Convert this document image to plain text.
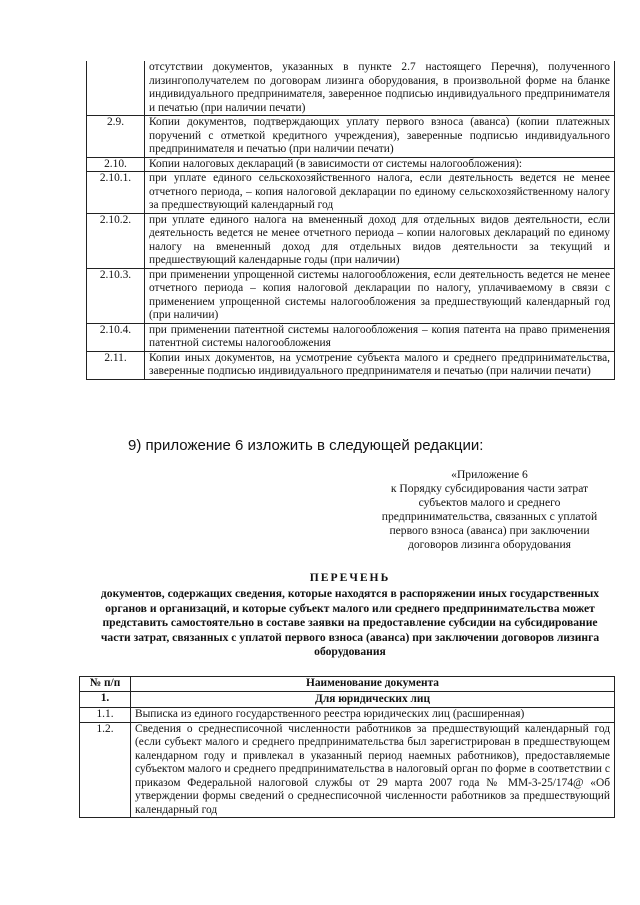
	отсутствии документов, указанных в пункте 2.7 настоящего Перечня), полученного лизингополучателем по договорам лизинга оборудования, в произвольной форме на бланке индивидуального предпринимателя, заверенное подписью индивидуального предпринимателя и печатью (при наличии печати)
2.9.	Копии документов, подтверждающих уплату первого взноса (аванса) (копии платежных поручений с отметкой кредитного учреждения), заверенные подписью индивидуального предпринимателя и печатью (при наличии печати)
2.10.	Копии налоговых деклараций (в зависимости от системы налогообложения):
2.10.1.	при уплате единого сельскохозяйственного налога, если деятельность ведется не менее отчетного периода, – копия налоговой декларации по единому сельскохозяйственному налогу за предшествующий календарный год
2.10.2.	при уплате единого налога на вмененный доход для отдельных видов деятельности, если деятельность ведется не менее отчетного периода – копии налоговых деклараций по единому налогу на вмененный доход для отдельных видов деятельности за текущий и предшествующий календарные годы (при наличии)
2.10.3.	при применении упрощенной системы налогообложения, если деятельность ведется не менее отчетного периода – копия налоговой декларации по налогу, уплачиваемому в связи с применением упрощенной системы налогообложения за предшествующий календарный год (при наличии)
2.10.4.	при применении патентной системы налогообложения – копия патента на право применения патентной системы налогообложения
2.11.	Копии иных документов, на усмотрение субъекта малого и среднего предпринимательства, заверенные подписью индивидуального предпринимателя и печатью (при наличии печати)
9) приложение 6 изложить в следующей редакции:
«Приложение 6
к Порядку субсидирования части затрат
субъектов малого и среднего
предпринимательства, связанных с уплатой
первого взноса (аванса) при заключении
договоров лизинга оборудования
ПЕРЕЧЕНЬ
документов, содержащих сведения, которые находятся в распоряжении иных государственных органов и организаций, и которые субъект малого или среднего предпринимательства может представить самостоятельно в составе заявки на предоставление субсидии на субсидирование части затрат, связанных с уплатой первого взноса (аванса) при заключении договоров лизинга оборудования
№ п/п	Наименование документа
1.	Для юридических лиц
1.1.	Выписка из единого государственного реестра юридических лиц (расширенная)
1.2.	Сведения о среднесписочной численности работников за предшествующий календарный год (если субъект малого и среднего предпринимательства был зарегистрирован в предшествующем календарном году и привлекал в указанный период наемных работников), предоставляемые субъектом малого и среднего предпринимательства в налоговый орган по форме в соответствии с приказом Федеральной налоговой службы от 29 марта 2007 года № ММ-3-25/174@ «Об утверждении формы сведений о среднесписочной численности работников за предшествующий календарный год
